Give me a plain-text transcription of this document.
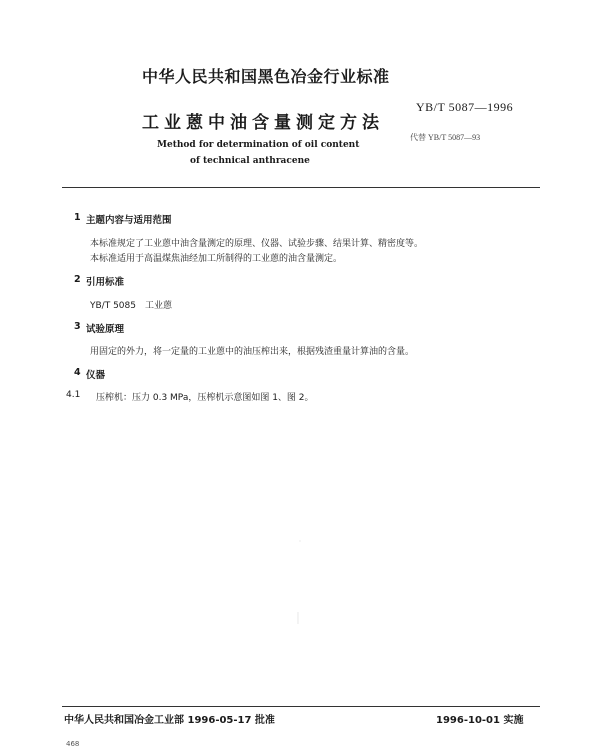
中华人民共和国黑色冶金行业标准
YB/T 5087—1996
工业蒽中油含量测定方法
代替 YB/T 5087—93
Method for determination of oil content
of technical anthracene
1 主题内容与适用范围
本标准规定了工业蒽中油含量测定的原理、仪器、试验步骤、结果计算、精密度等。
本标准适用于高温煤焦油经加工所制得的工业蒽的油含量测定。
2 引用标准
YB/T 5085　工业蒽
3 试验原理
用固定的外力，将一定量的工业蒽中的油压榨出来，根据残渣重量计算油的含量。
4 仪器
4.1 压榨机：压力 0.3 MPa，压榨机示意图如图 1、图 2。
中华人民共和国冶金工业部 1996-05-17 批准	1996-10-01 实施
468
